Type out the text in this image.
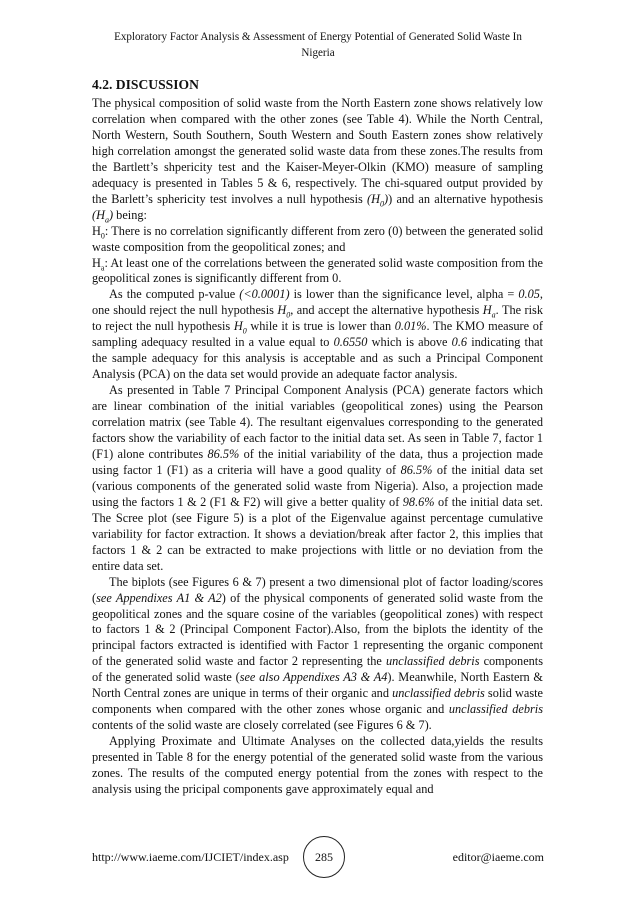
Exploratory Factor Analysis & Assessment of Energy Potential of Generated Solid Waste In
Nigeria
4.2. DISCUSSION

The physical composition of solid waste from the North Eastern zone shows relatively low correlation when compared with the other zones (see Table 4). While the North Central, North Western, South Southern, South Western and South Eastern zones show relatively high correlation amongst the generated solid waste data from these zones.The results from the Bartlett’s shpericity test and the Kaiser-Meyer-Olkin (KMO) measure of sampling adequacy is presented in Tables 5 & 6, respectively. The chi-squared output provided by the Barlett’s sphericity test involves a null hypothesis $(H_0)$) and an alternative hypothesis $(H_a)$ being:

$H_0$: There is no correlation significantly different from zero (0) between the generated solid waste composition from the geopolitical zones; and

$H_a$: At least one of the correlations between the generated solid waste composition from the geopolitical zones is significantly different from 0.

As the computed p-value (<0.0001) is lower than the significance level, alpha = 0.05, one should reject the null hypothesis $H_0$, and accept the alternative hypothesis $H_a$. The risk to reject the null hypothesis $H_0$ while it is true is lower than 0.01%. The KMO measure of sampling adequacy resulted in a value equal to 0.6550 which is above 0.6 indicating that the sample adequacy for this analysis is acceptable and as such a Principal Component Analysis (PCA) on the data set would provide an adequate factor analysis.

As presented in Table 7 Principal Component Analysis (PCA) generate factors which are linear combination of the initial variables (geopolitical zones) using the Pearson correlation matrix (see Table 4). The resultant eigenvalues corresponding to the generated factors show the variability of each factor to the initial data set. As seen in Table 7, factor 1 (F1) alone contributes 86.5% of the initial variability of the data, thus a projection made using factor 1 (F1) as a criteria will have a good quality of 86.5% of the initial data set (various components of the generated solid waste from Nigeria). Also, a projection made using the factors 1 & 2 (F1 & F2) will give a better quality of 98.6% of the initial data set. The Scree plot (see Figure 5) is a plot of the Eigenvalue against percentage cumulative variability for factor extraction. It shows a deviation/break after factor 2, this implies that factors 1 & 2 can be extracted to make projections with little or no deviation from the entire data set.

The biplots (see Figures 6 & 7) present a two dimensional plot of factor loading/scores (see Appendixes A1 & A2) of the physical components of generated solid waste from the geopolitical zones and the square cosine of the variables (geopolitical zones) with respect to factors 1 & 2 (Principal Component Factor).Also, from the biplots the identity of the principal factors extracted is identified with Factor 1 representing the organic component of the generated solid waste and factor 2 representing the unclassified debris components of the generated solid waste (see also Appendixes A3 & A4). Meanwhile, North Eastern & North Central zones are unique in terms of their organic and unclassified debris solid waste components when compared with the other zones whose organic and unclassified debris contents of the solid waste are closely correlated (see Figures 6 & 7).

Applying Proximate and Ultimate Analyses on the collected data,yields the results presented in Table 8 for the energy potential of the generated solid waste from the various zones. The results of the computed energy potential from the zones with respect to the analysis using the pricipal components gave approximately equal and

http://www.iaeme.com/IJCIET/index.asp	285	editor@iaeme.com
